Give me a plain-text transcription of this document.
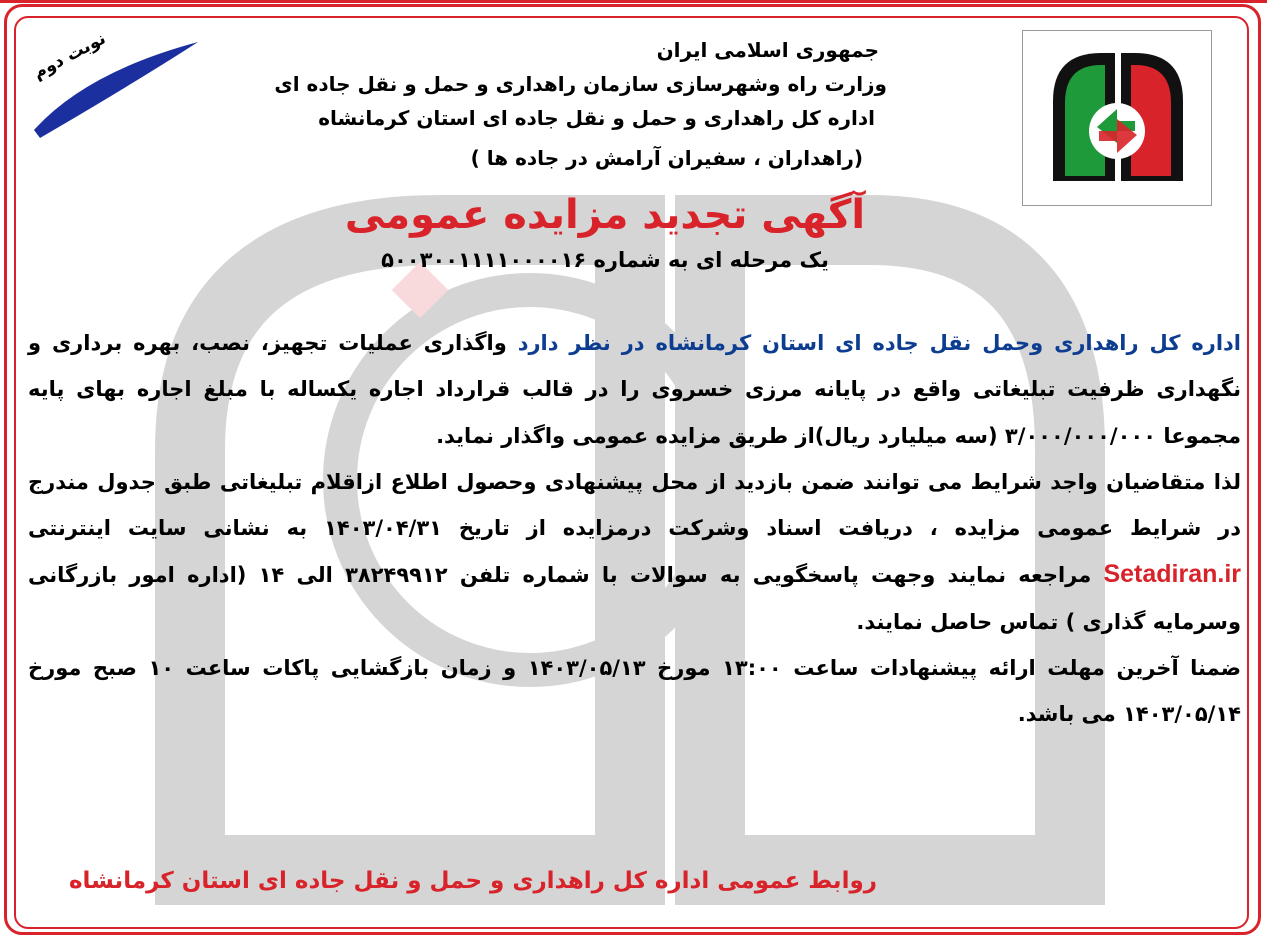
نوبت دوم	جمهوری اسلامی ایران
وزارت راه وشهرسازی سازمان راهداری و حمل و نقل جاده ای
اداره کل راهداری و حمل و نقل جاده ای استان کرمانشاه
(راهداران ، سفیران آرامش در جاده ها )
آگهی تجدید مزایده عمومی
یک مرحله ای به شماره ۵۰۰۳۰۰۱۱۱۱۰۰۰۰۱۶

اداره کل راهداری وحمل نقل جاده ای استان کرمانشاه در نظر دارد واگذاری عملیات تجهیز، نصب، بهره برداری و نگهداری ظرفیت تبلیغاتی واقع در پایانه مرزی خسروی را در قالب قرارداد اجاره یکساله با مبلغ اجاره بهای پایه مجموعا ۳/۰۰۰/۰۰۰/۰۰۰ (سه میلیارد ریال)از طریق مزایده عمومی واگذار نماید.

لذا متقاضیان واجد شرایط می توانند ضمن بازدید از محل پیشنهادی وحصول اطلاع ازاقلام تبلیغاتی طبق جدول مندرج در شرایط عمومی مزایده ، دریافت اسناد وشرکت درمزایده از تاریخ ۱۴۰۳/۰۴/۳۱ به نشانی سایت اینترنتی Setadiran.ir مراجعه نمایند وجهت پاسخگویی به سوالات با شماره تلفن ۳۸۲۴۹۹۱۲ الی ۱۴ (اداره امور بازرگانی وسرمایه گذاری ) تماس حاصل نمایند.

ضمنا آخرین مهلت ارائه پیشنهادات ساعت ۱۳:۰۰ مورخ ۱۴۰۳/۰۵/۱۳ و زمان بازگشایی پاکات ساعت ۱۰ صبح مورخ ۱۴۰۳/۰۵/۱۴ می باشد.

روابط عمومی اداره کل راهداری و حمل و نقل جاده ای استان کرمانشاه
